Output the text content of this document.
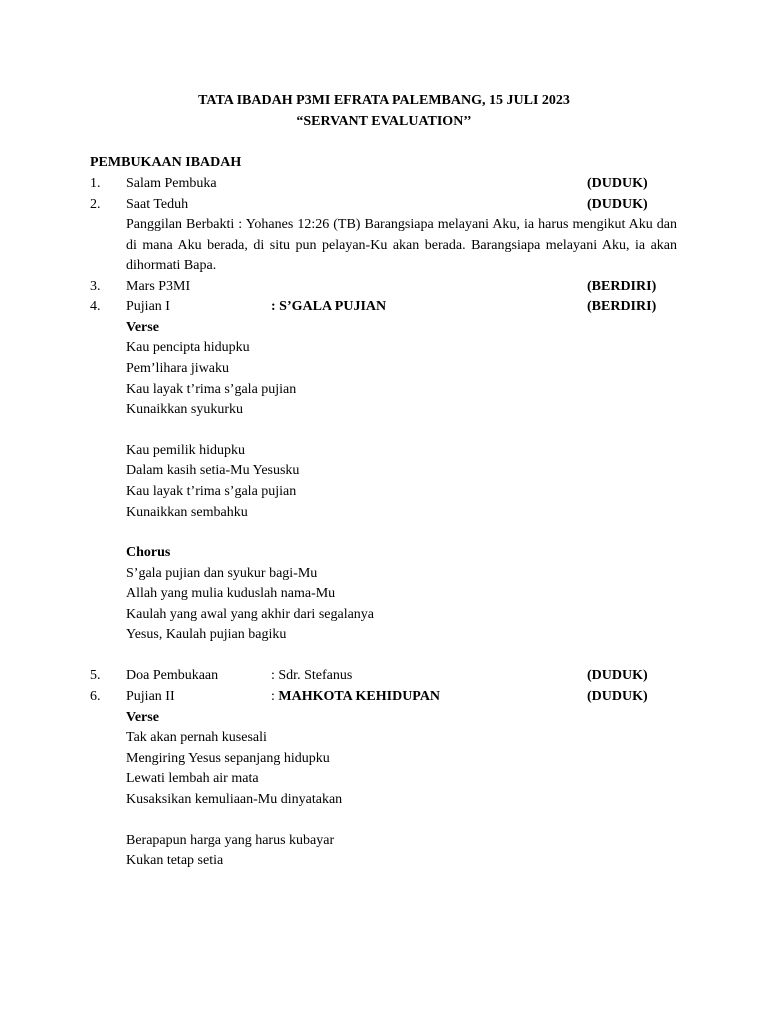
TATA IBADAH P3MI EFRATA PALEMBANG, 15 JULI 2023
“SERVANT EVALUATION’’
PEMBUKAAN IBADAH
1. Salam Pembuka	(DUDUK)
2. Saat Teduh	(DUDUK)
Panggilan Berbakti : Yohanes 12:26 (TB) Barangsiapa melayani Aku, ia harus mengikut Aku dan di mana Aku berada, di situ pun pelayan-Ku akan berada. Barangsiapa melayani Aku, ia akan dihormati Bapa.
3. Mars P3MI	(BERDIRI)
4. Pujian I	: S’GALA PUJIAN	(BERDIRI)
Verse
Kau pencipta hidupku
Pem’lihara jiwaku
Kau layak t’rima s’gala pujian
Kunaikkan syukurku
Kau pemilik hidupku
Dalam kasih setia-Mu Yesusku
Kau layak t’rima s’gala pujian
Kunaikkan sembahku
Chorus
S’gala pujian dan syukur bagi-Mu
Allah yang mulia kuduslah nama-Mu
Kaulah yang awal yang akhir dari segalanya
Yesus, Kaulah pujian bagiku
5. Doa Pembukaan	: Sdr. Stefanus	(DUDUK)
6. Pujian II	: MAHKOTA KEHIDUPAN	(DUDUK)
Verse
Tak akan pernah kusesali
Mengiring Yesus sepanjang hidupku
Lewati lembah air mata
Kusaksikan kemuliaan-Mu dinyatakan
Berapapun harga yang harus kubayar
Kukan tetap setia
